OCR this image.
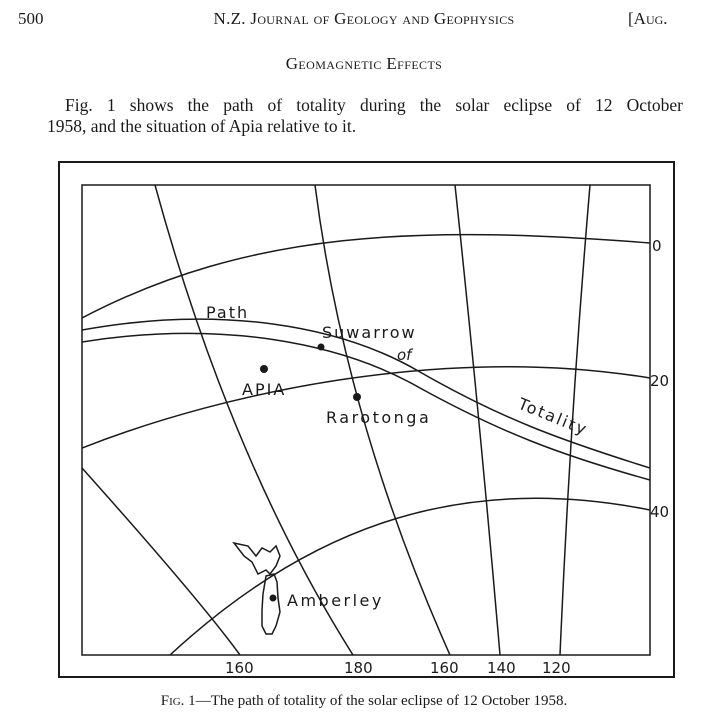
500	N.Z. Journal of Geology and Geophysics	[Aug.
Geomagnetic Effects
Fig. 1 shows the path of totality during the solar eclipse of 12 October
1958, and the situation of Apia relative to it.
Path
of
Totality
Suwarrow
APIA
Rarotonga
Amberley
0
20
40
160	180	160 140 120
Fig. 1—The path of totality of the solar eclipse of 12 October 1958.
